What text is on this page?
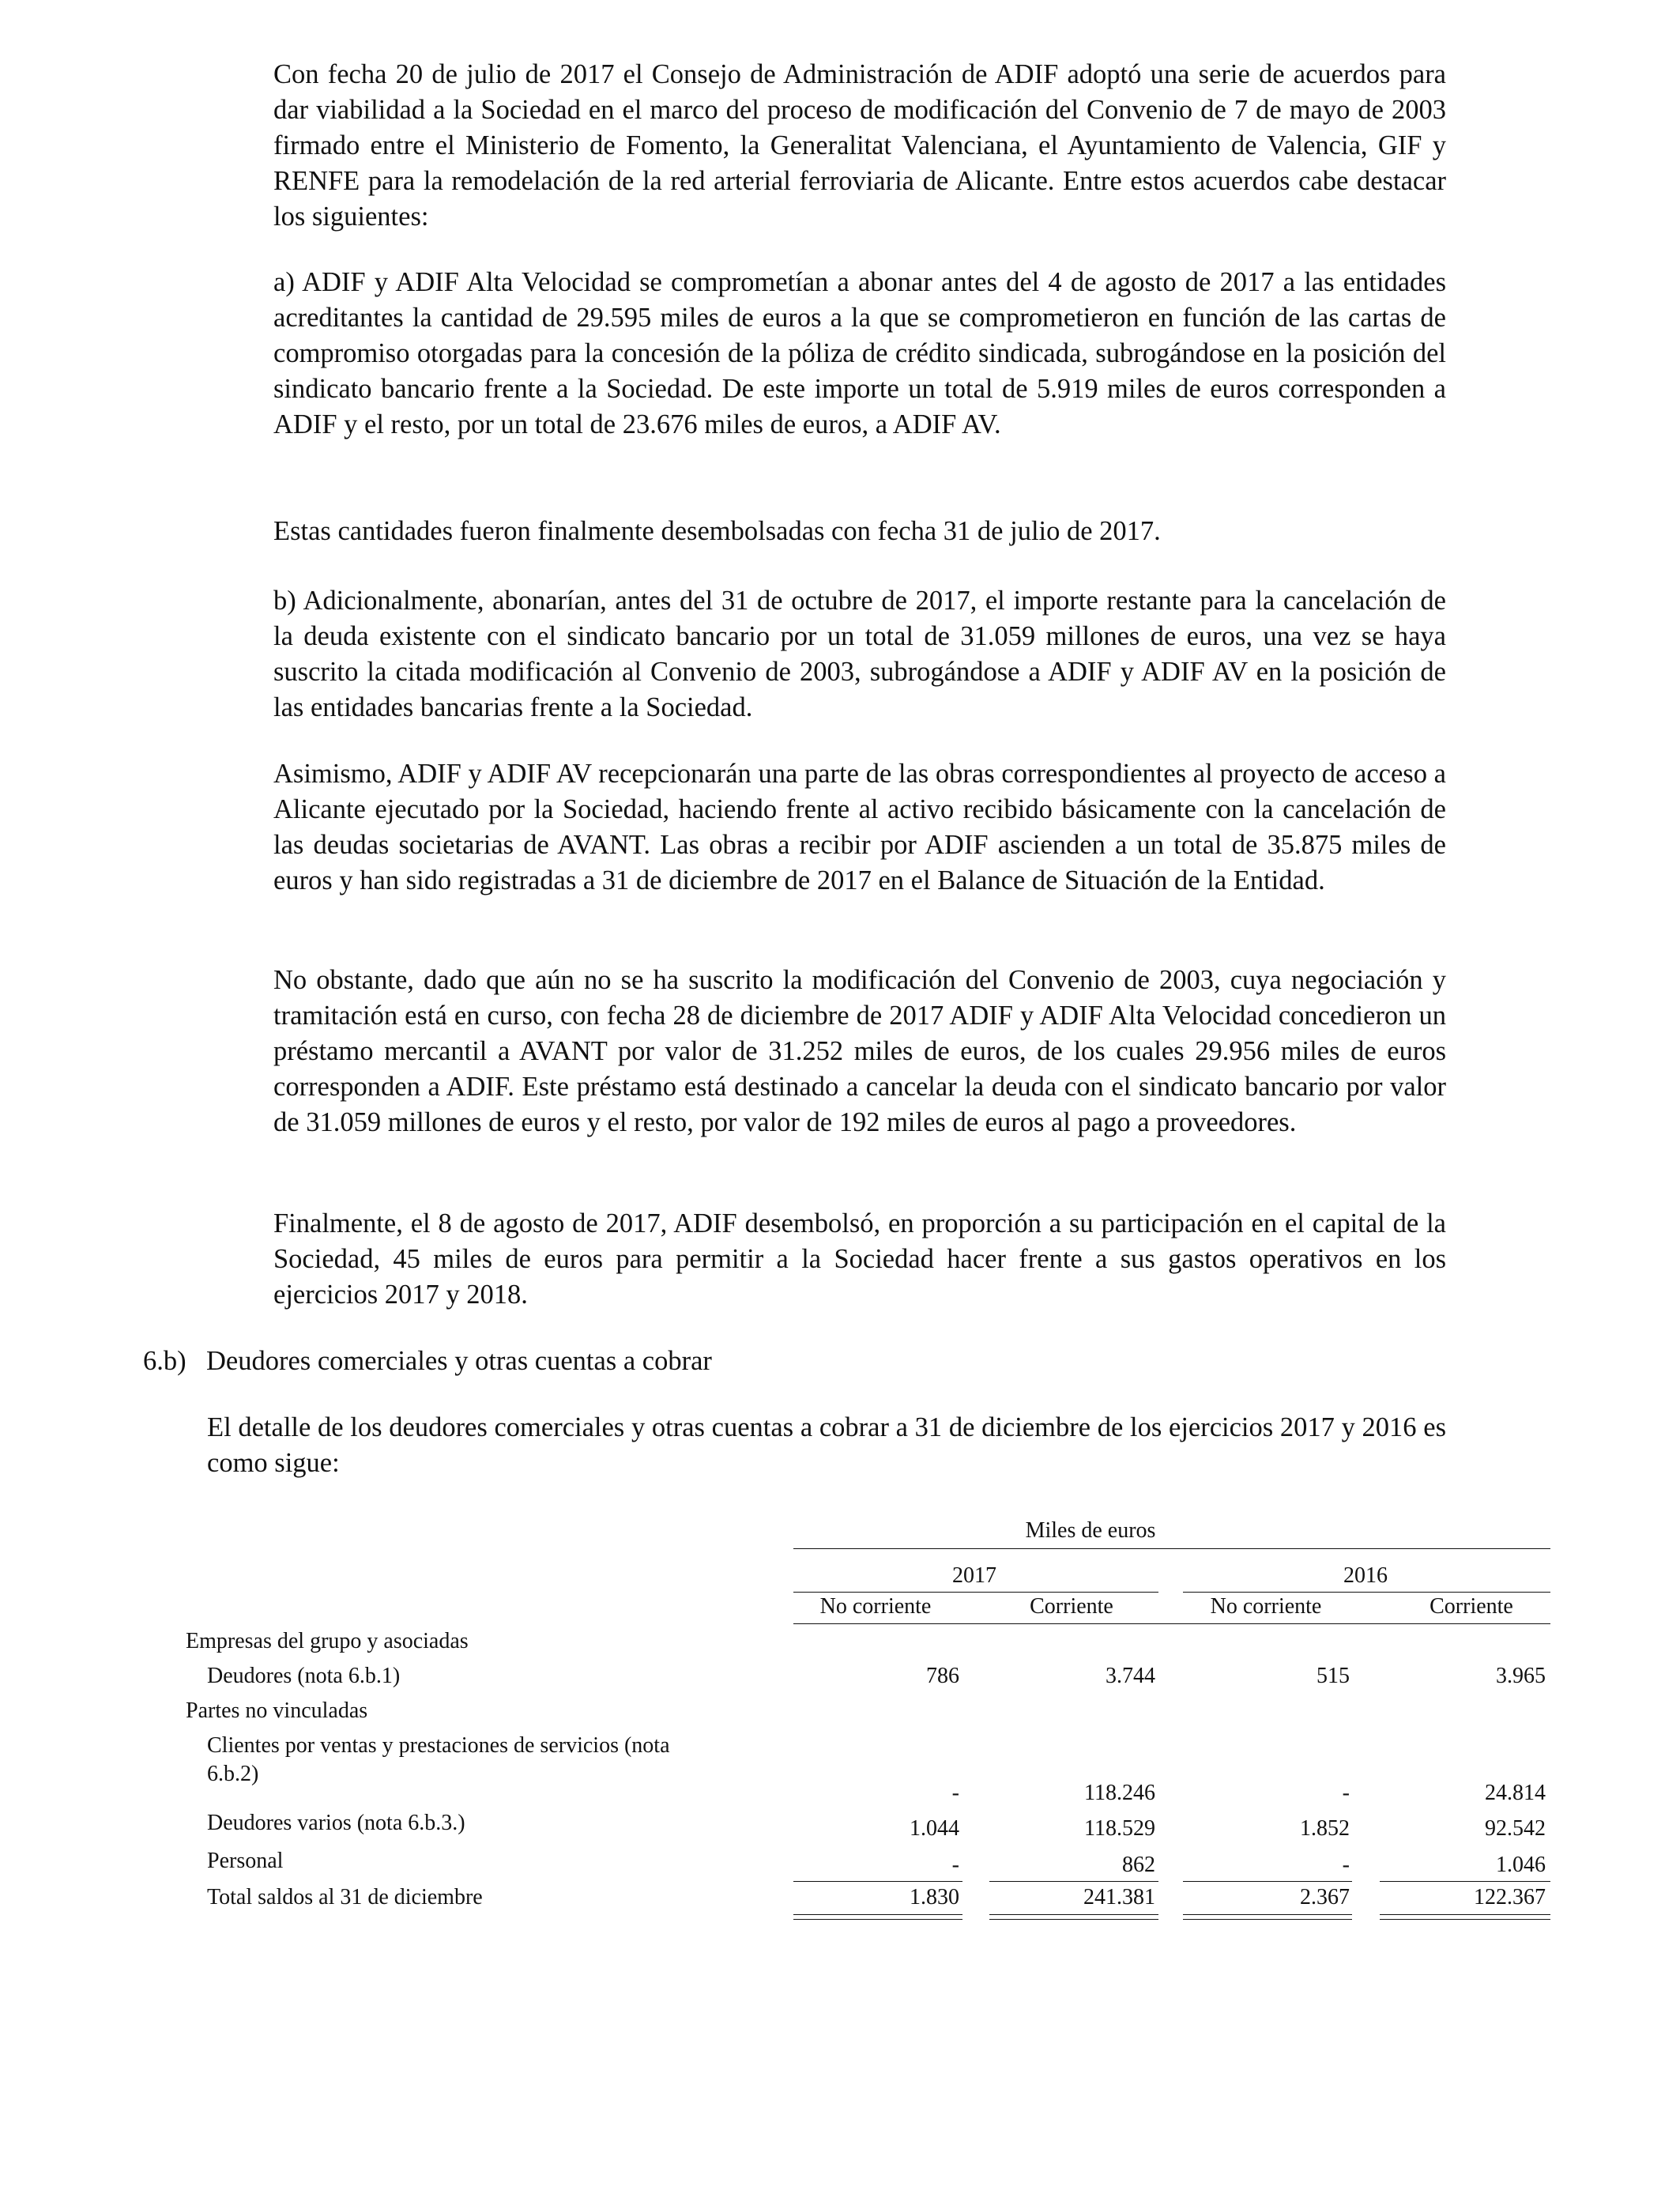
Con fecha 20 de julio de 2017 el Consejo de Administración de ADIF adoptó una serie de acuerdos para dar viabilidad a la Sociedad en el marco del proceso de modificación del Convenio de 7 de mayo de 2003 firmado entre el Ministerio de Fomento, la Generalitat Valenciana, el Ayuntamiento de Valencia, GIF y RENFE para la remodelación de la red arterial ferroviaria de Alicante. Entre estos acuerdos cabe destacar los siguientes:

a) ADIF y ADIF Alta Velocidad se comprometían a abonar antes del 4 de agosto de 2017 a las entidades acreditantes la cantidad de 29.595 miles de euros a la que se comprometieron en función de las cartas de compromiso otorgadas para la concesión de la póliza de crédito sindicada, subrogándose en la posición del sindicato bancario frente a la Sociedad. De este importe un total de 5.919 miles de euros corresponden a ADIF y el resto, por un total de 23.676 miles de euros, a ADIF AV.

Estas cantidades fueron finalmente desembolsadas con fecha 31 de julio de 2017.

b) Adicionalmente, abonarían, antes del 31 de octubre de 2017, el importe restante para la cancelación de la deuda existente con el sindicato bancario por un total de 31.059 millones de euros, una vez se haya suscrito la citada modificación al Convenio de 2003, subrogándose a ADIF y ADIF AV en la posición de las entidades bancarias frente a la Sociedad.

Asimismo, ADIF y ADIF AV recepcionarán una parte de las obras correspondientes al proyecto de acceso a Alicante ejecutado por la Sociedad, haciendo frente al activo recibido básicamente con la cancelación de las deudas societarias de AVANT. Las obras a recibir por ADIF ascienden a un total de 35.875 miles de euros y han sido registradas a 31 de diciembre de 2017 en el Balance de Situación de la Entidad.

No obstante, dado que aún no se ha suscrito la modificación del Convenio de 2003, cuya negociación y tramitación está en curso, con fecha 28 de diciembre de 2017 ADIF y ADIF Alta Velocidad concedieron un préstamo mercantil a AVANT por valor de 31.252 miles de euros, de los cuales 29.956 miles de euros corresponden a ADIF. Este préstamo está destinado a cancelar la deuda con el sindicato bancario por valor de 31.059 millones de euros y el resto, por valor de 192 miles de euros al pago a proveedores.

Finalmente, el 8 de agosto de 2017, ADIF desembolsó, en proporción a su participación en el capital de la Sociedad, 45 miles de euros para permitir a la Sociedad hacer frente a sus gastos operativos en los ejercicios 2017 y 2018.

6.b) Deudores comerciales y otras cuentas a cobrar

El detalle de los deudores comerciales y otras cuentas a cobrar a 31 de diciembre de los ejercicios 2017 y 2016 es como sigue:

Miles de euros
2017	2016
No corriente	Corriente	No corriente	Corriente
Empresas del grupo y asociadas
Deudores (nota 6.b.1)	786	3.744	515	3.965
Partes no vinculadas
Clientes por ventas y prestaciones de servicios (nota
6.b.2)
-	118.246	-	24.814
Deudores varios (nota 6.b.3.)	1.044	118.529	1.852	92.542
Personal	-	862	-	1.046
Total saldos al 31 de diciembre	1.830	241.381	2.367	122.367
